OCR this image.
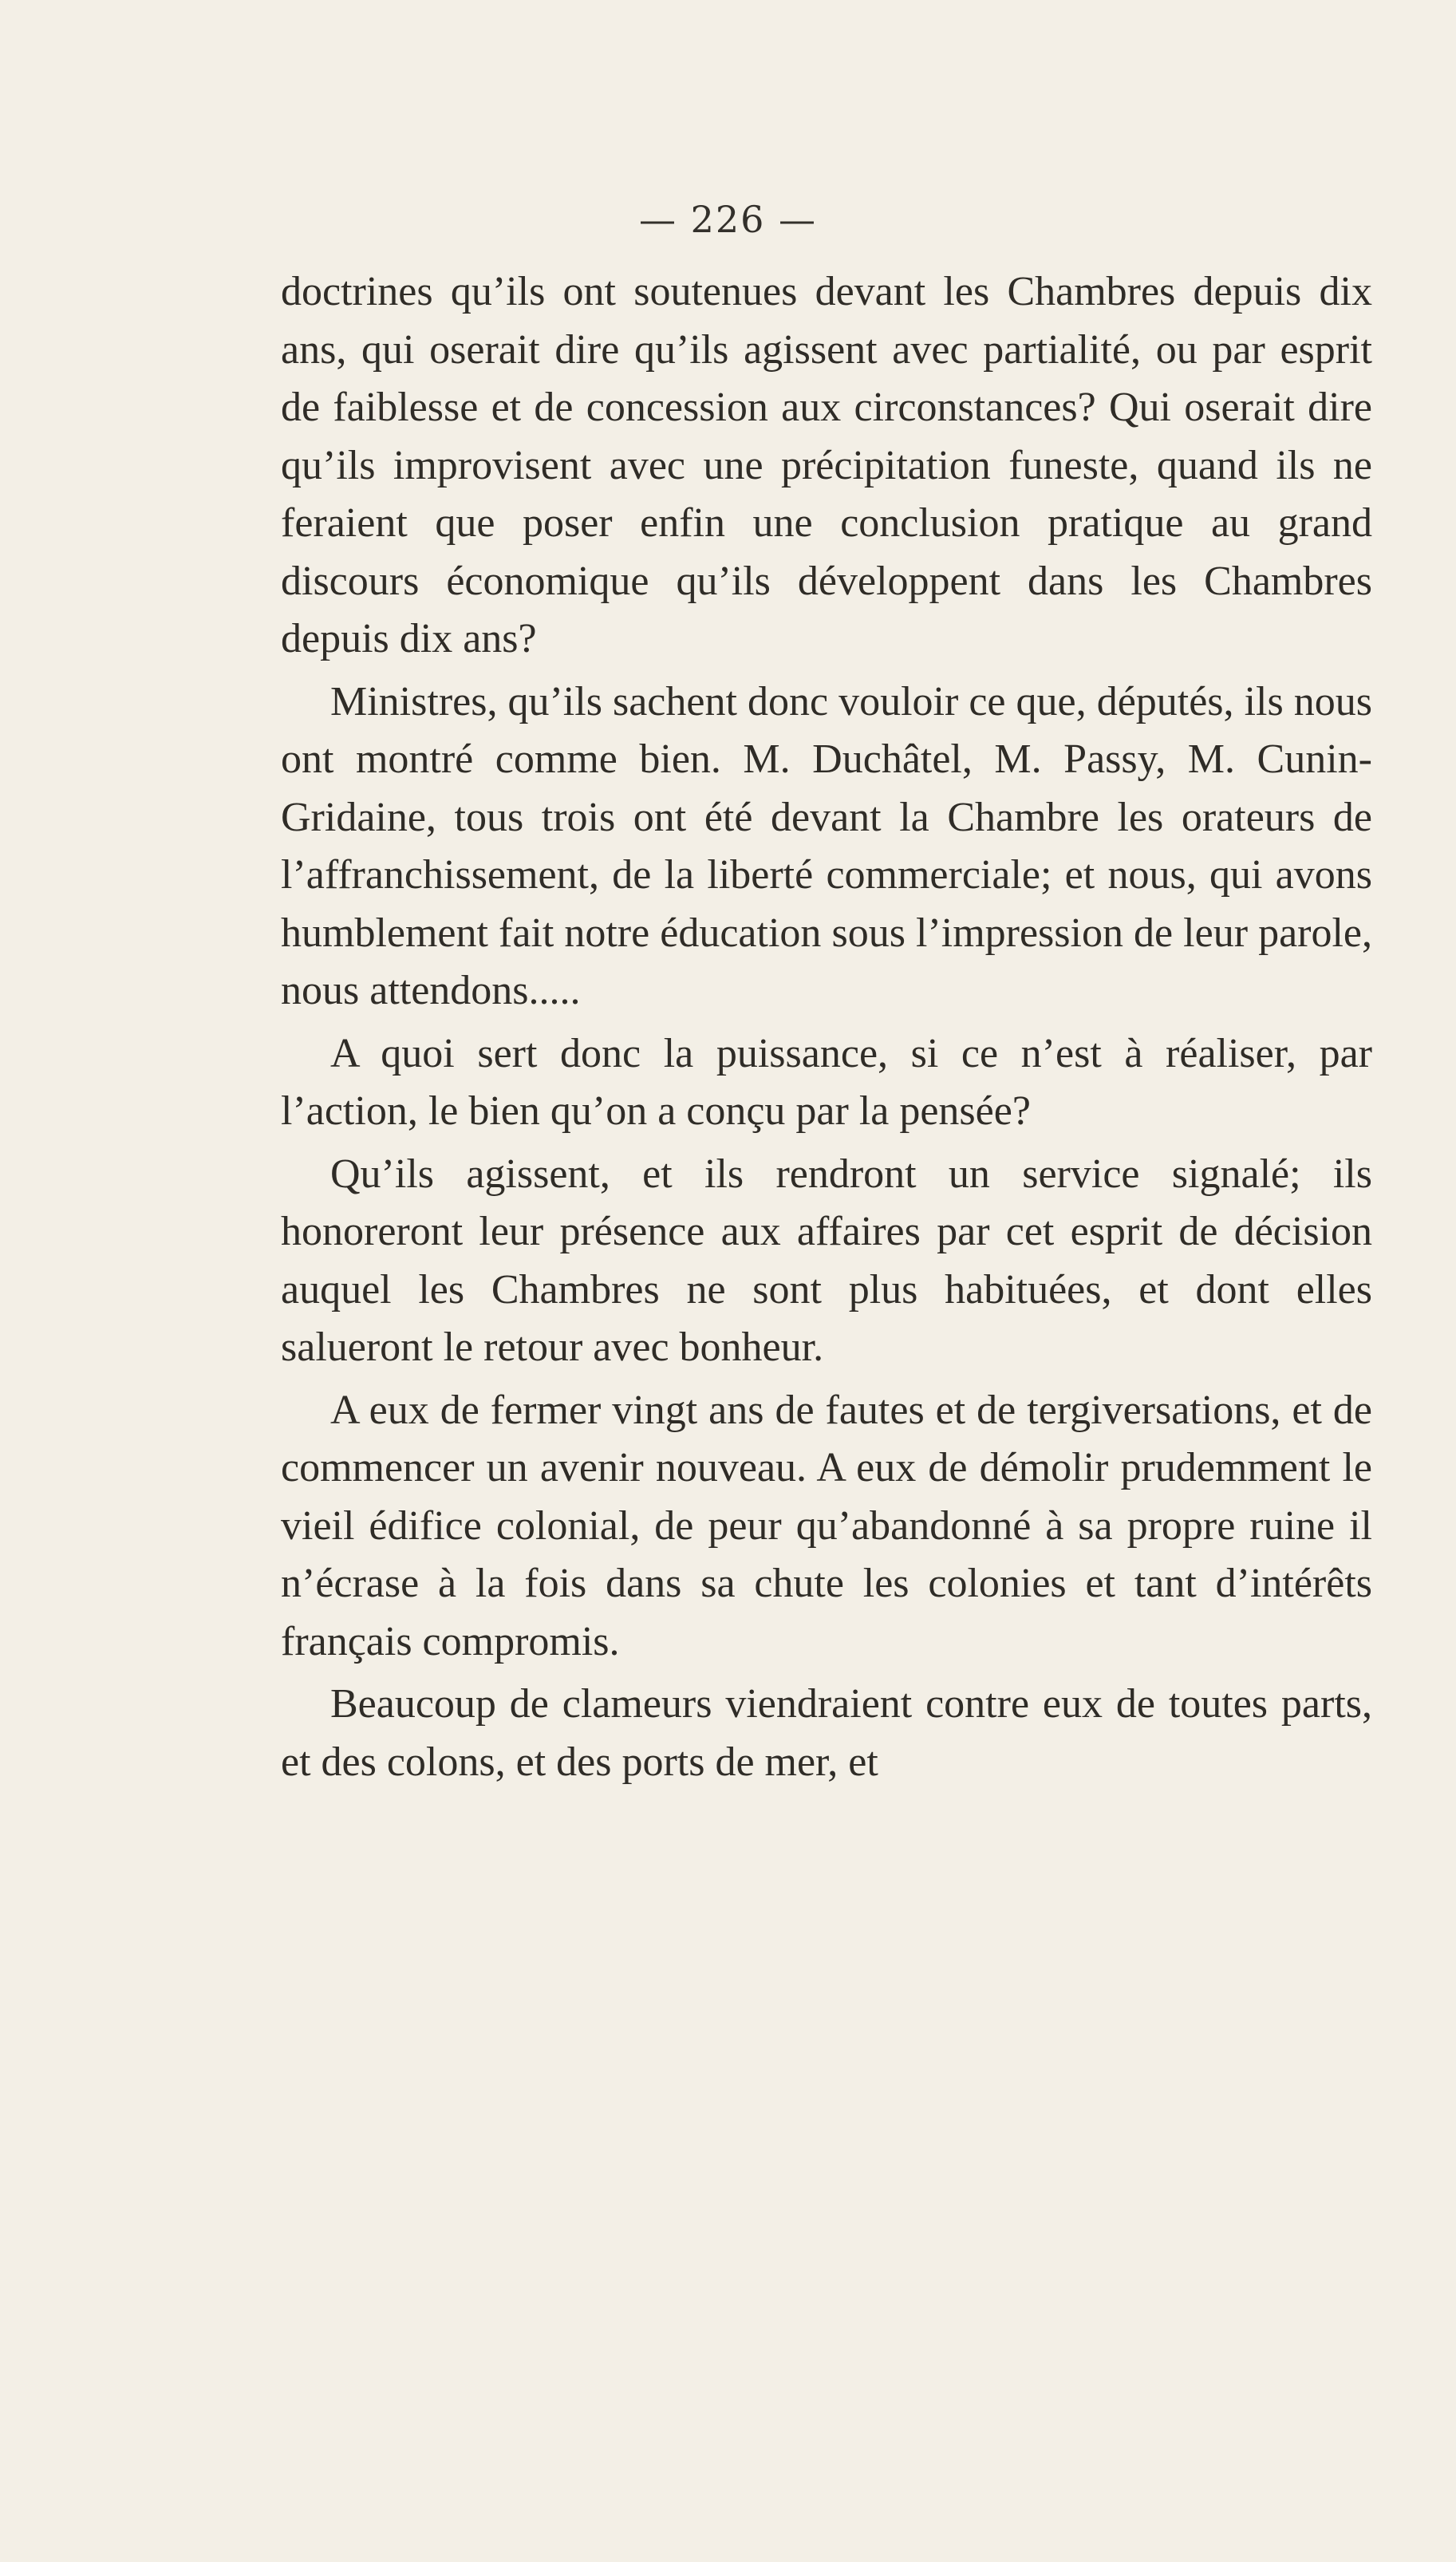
— 226 —

doctrines qu’ils ont soutenues devant les Chambres depuis dix ans, qui oserait dire qu’ils agissent avec partialité, ou par esprit de faiblesse et de concession aux circonstances? Qui oserait dire qu’ils improvisent avec une précipitation funeste, quand ils ne feraient que poser enfin une conclusion pratique au grand discours économique qu’ils développent dans les Chambres depuis dix ans?

Ministres, qu’ils sachent donc vouloir ce que, députés, ils nous ont montré comme bien. M. Duchâtel, M. Passy, M. Cunin-Gridaine, tous trois ont été devant la Chambre les orateurs de l’affranchissement, de la liberté commerciale; et nous, qui avons humblement fait notre éducation sous l’impression de leur parole, nous attendons.....

A quoi sert donc la puissance, si ce n’est à réaliser, par l’action, le bien qu’on a conçu par la pensée?

Qu’ils agissent, et ils rendront un service signalé; ils honoreront leur présence aux affaires par cet esprit de décision auquel les Chambres ne sont plus habituées, et dont elles salueront le retour avec bonheur.

A eux de fermer vingt ans de fautes et de tergiversations, et de commencer un avenir nouveau. A eux de démolir prudemment le vieil édifice colonial, de peur qu’abandonné à sa propre ruine il n’écrase à la fois dans sa chute les colonies et tant d’intérêts français compromis.

Beaucoup de clameurs viendraient contre eux de toutes parts, et des colons, et des ports de mer, et
